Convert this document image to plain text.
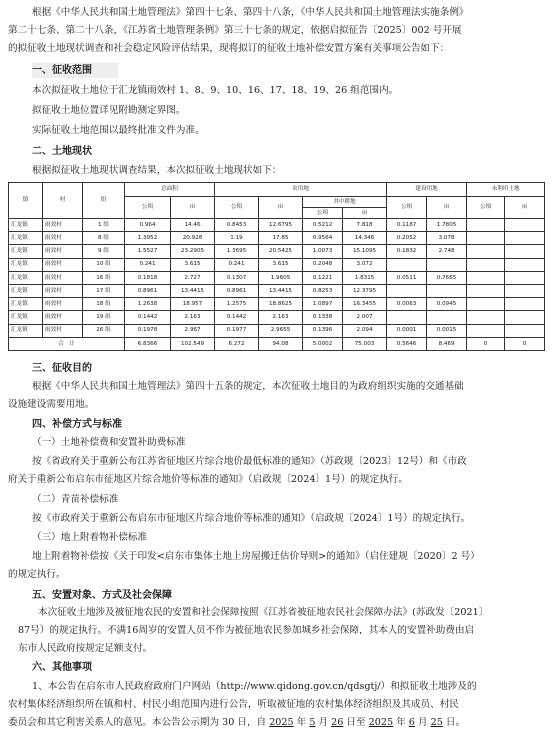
根据《中华人民共和国土地管理法》第四十七条、第四十八条，《中华人民共和国土地管理法实施条例》

第二十七条、第二十八条，《江苏省土地管理条例》第三十七条的规定，依据启拟征告〔2025〕002 号开展

的拟征收土地现状调查和社会稳定风险评估结果，现将拟订的征收土地补偿安置方案有关事项公告如下：

一、征收范围

本次拟征收土地位于汇龙镇雨效村 1、8、9、10、16、17、18、19、26 组范围内。

拟征收土地位置详见附勘测定界图。

实际征收土地范围以最终批准文件为准。

二、土地现状

根据拟征收土地现状调查结果，本次拟征收土地现状如下：

镇	村	组	总面积		农用地				建设用地		未利用土地	
			公顷	亩	公顷	亩	其中耕地		公顷	亩	公顷	亩
							公顷	亩				
汇龙镇	雨效村	1 组	0.964	14.46	0.8453	12.6795	0.5212	7.818	0.1187	1.7805		
汇龙镇	雨效村	8 组	1.3952	20.928	1.19	17.85	0.9564	14.346	0.2052	3.078		
汇龙镇	雨效村	9 组	1.5527	23.2905	1.3695	20.5425	1.0073	15.1095	0.1832	2.748		
汇龙镇	雨效村	10 组	0.241	3.615	0.241	3.615	0.2048	3.072				
汇龙镇	雨效村	16 组	0.1818	2.727	0.1307	1.9605	0.1221	1.8315	0.0511	0.7665		
汇龙镇	雨效村	17 组	0.8961	13.4415	0.8961	13.4415	0.8253	12.3795				
汇龙镇	雨效村	18 组	1.2638	18.957	1.2575	18.8625	1.0897	16.3455	0.0063	0.0945		
汇龙镇	雨效村	19 组	0.1442	2.163	0.1442	2.163	0.1338	2.007				
汇龙镇	雨效村	26 组	0.1978	2.967	0.1977	2.9655	0.1396	2.094	0.0001	0.0015		
合　计			6.8366	102.549	6.272	94.08	5.0002	75.003	0.5646	8.469	0	0

三、征收目的

根据《中华人民共和国土地管理法》第四十五条的规定，本次征收土地目的为政府组织实施的交通基础

设施建设需要用地。

四、补偿方式与标准

（一）土地补偿费和安置补助费标准

按《省政府关于重新公布江苏省征地区片综合地价最低标准的通知》（苏政规〔2023〕12号）和《市政

府关于重新公布启东市征地区片综合地价等标准的通知》（启政规〔2024〕1号）的规定执行。

（二）青苗补偿标准

按《市政府关于重新公布启东市征地区片综合地价等标准的通知》（启政规〔2024〕1号）的规定执行。

（三）地上附着物补偿标准

地上附着物补偿按《关于印发<启东市集体土地上房屋搬迁估价导则>的通知》（启住建规〔2020〕2 号）

的规定执行。

五、安置对象、方式及社会保障

本次征收土地涉及被征地农民的安置和社会保障按照《江苏省被征地农民社会保障办法》(苏政发〔2021〕

87号）的规定执行。不满16周岁的安置人员不作为被征地农民参加城乡社会保障，其本人的安置补助费由启

东市人民政府按规定足额支付。

六、其他事项

1、本公告在启东市人民政府政府门户网站（http://www.qidong.gov.cn/qdsgtj/）和拟征收土地涉及的

农村集体经济组织所在镇和村、村民小组范围内进行公告，听取被征地的农村集体经济组织及其成员、村民

委员会和其它利害关系人的意见。本公告公示期为 30 日，自 2025 年 5 月 26 日至 2025 年 6 月 25 日。
